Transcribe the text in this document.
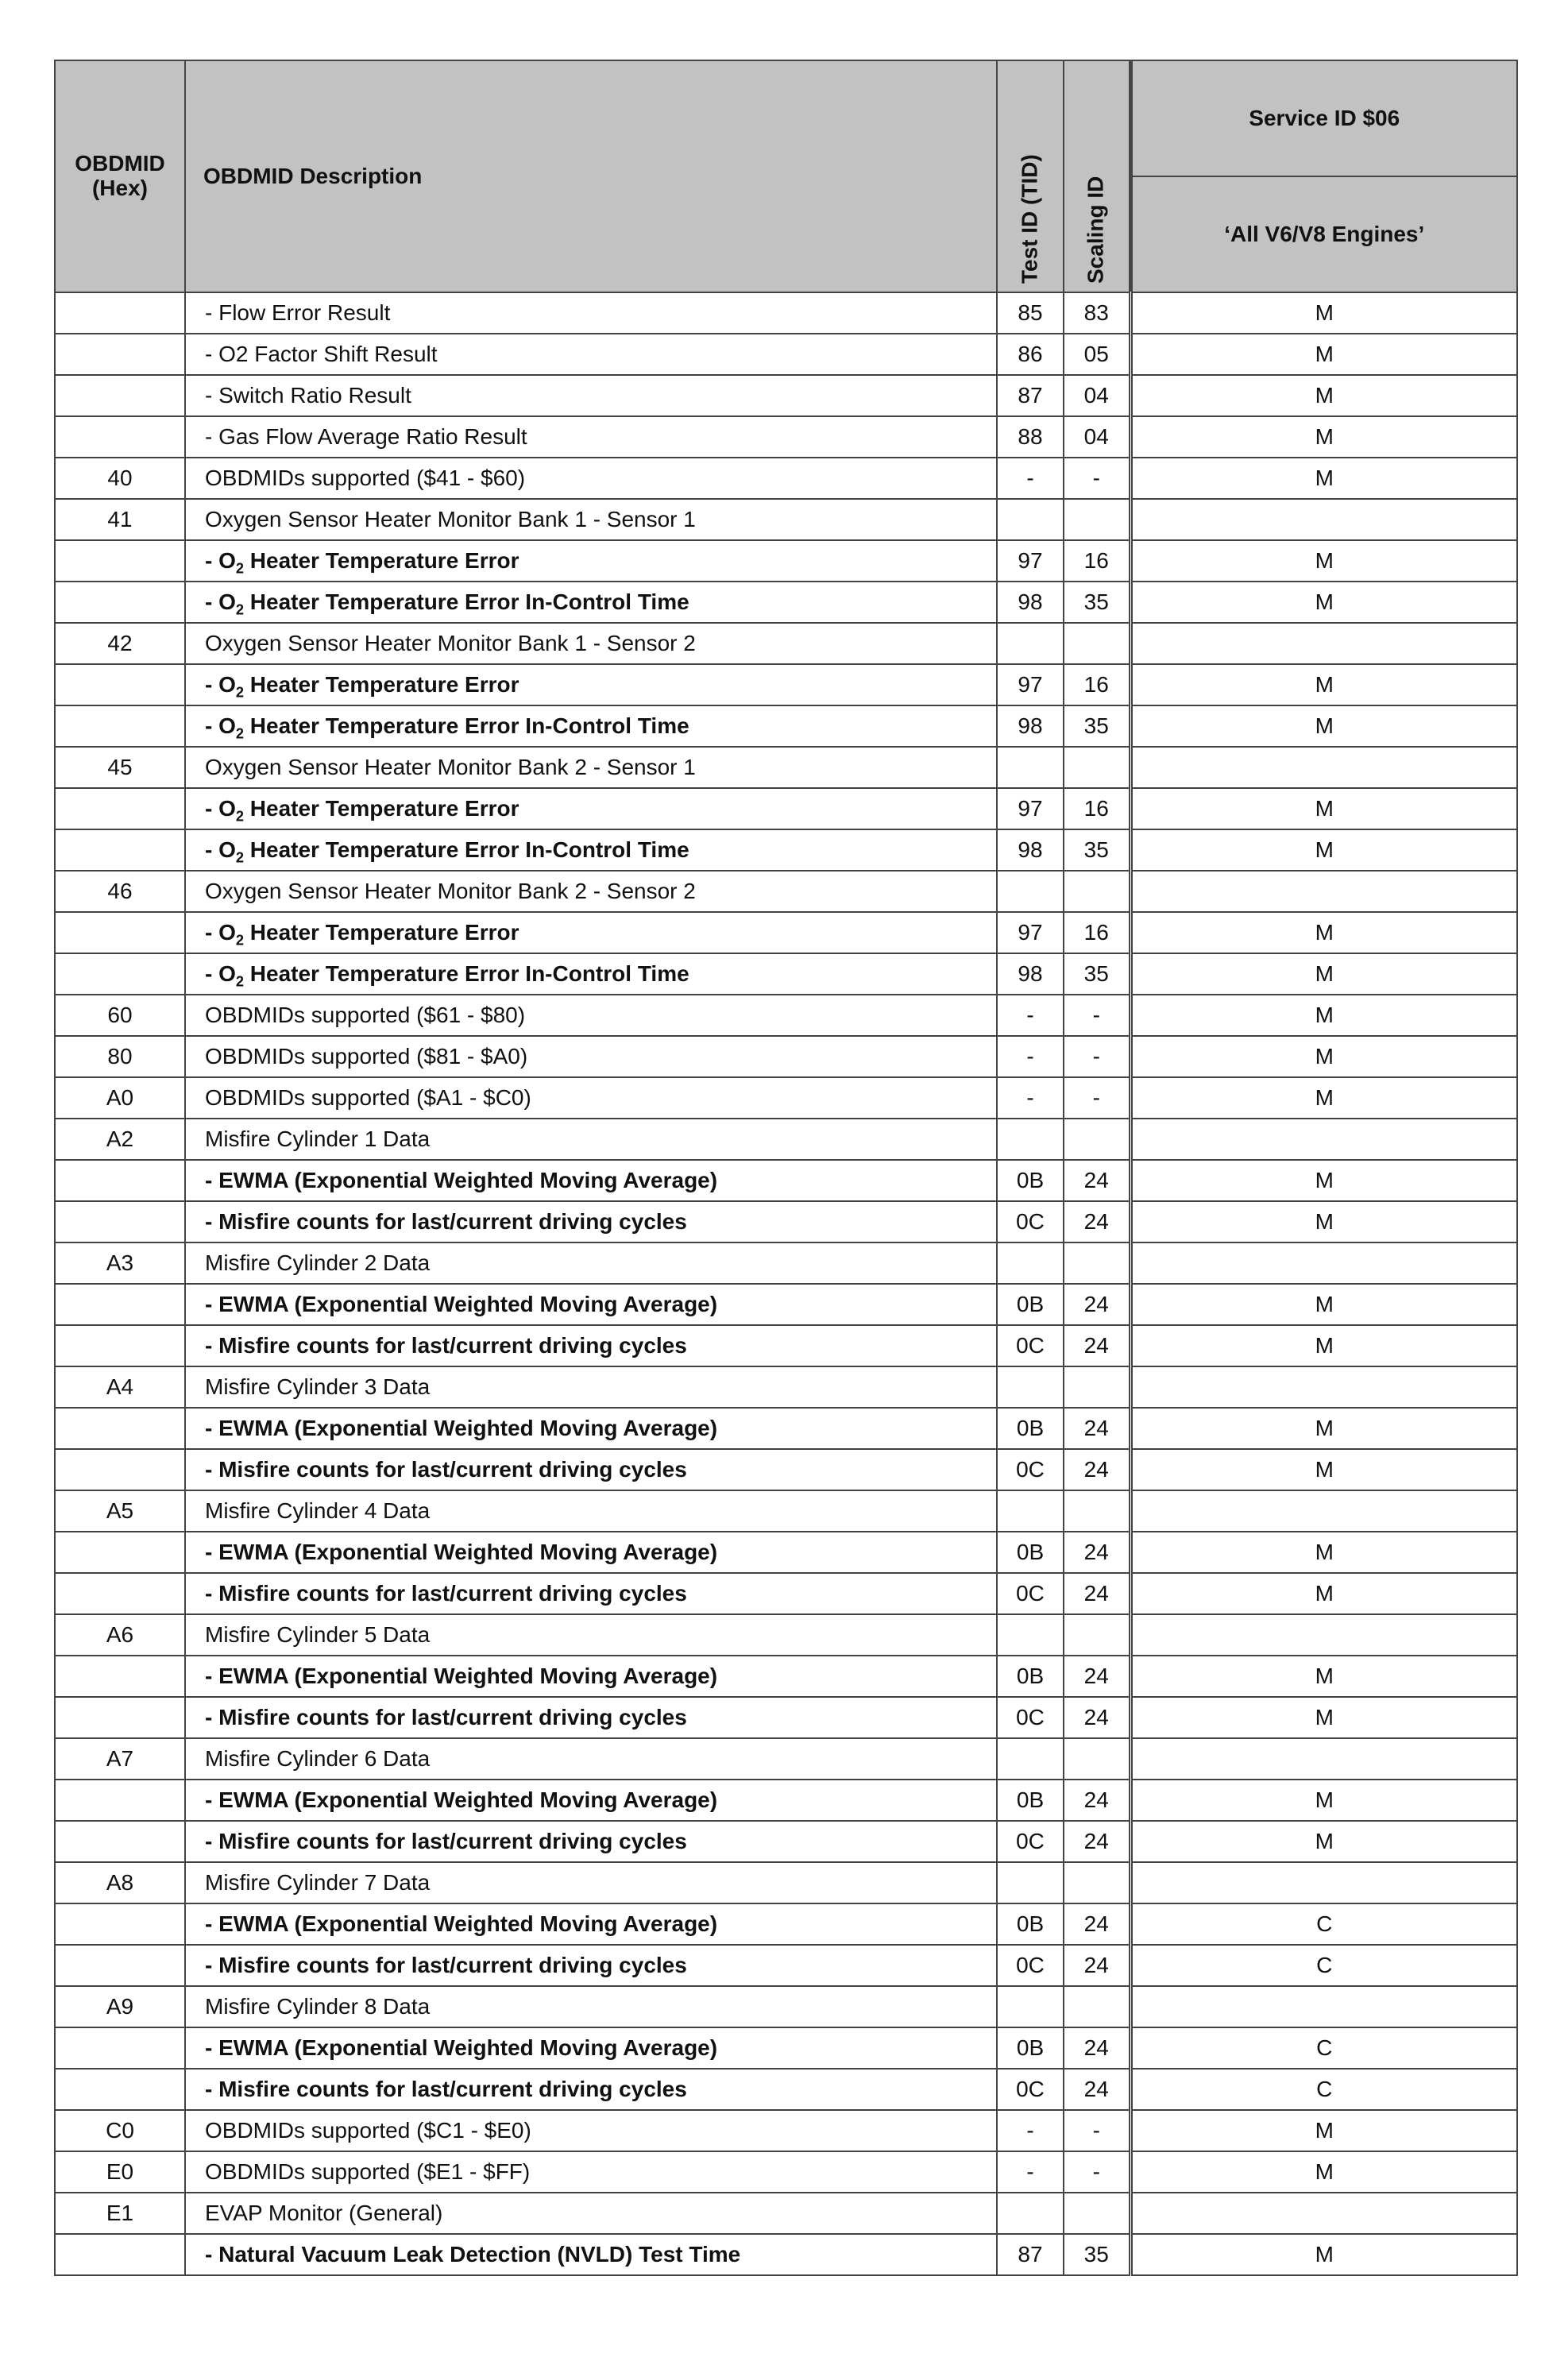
OBDMID
(Hex)	OBDMID Description	Test ID (TID)	Scaling ID	Service ID $06
				‘All V6/V8 Engines’
	- Flow Error Result	85	83	M
	- O2 Factor Shift Result	86	05	M
	- Switch Ratio Result	87	04	M
	- Gas Flow Average Ratio Result	88	04	M
40	OBDMIDs supported ($41 - $60)	-	-	M
41	Oxygen Sensor Heater Monitor Bank 1 - Sensor 1			
	- $O_2$ Heater Temperature Error	97	16	M
	- $O_2$ Heater Temperature Error In-Control Time	98	35	M
42	Oxygen Sensor Heater Monitor Bank 1 - Sensor 2			
	- $O_2$ Heater Temperature Error	97	16	M
	- $O_2$ Heater Temperature Error In-Control Time	98	35	M
45	Oxygen Sensor Heater Monitor Bank 2 - Sensor 1			
	- $O_2$ Heater Temperature Error	97	16	M
	- $O_2$ Heater Temperature Error In-Control Time	98	35	M
46	Oxygen Sensor Heater Monitor Bank 2 - Sensor 2			
	- $O_2$ Heater Temperature Error	97	16	M
	- $O_2$ Heater Temperature Error In-Control Time	98	35	M
60	OBDMIDs supported ($61 - $80)	-	-	M
80	OBDMIDs supported ($81 - $A0)	-	-	M
A0	OBDMIDs supported ($A1 - $C0)	-	-	M
A2	Misfire Cylinder 1 Data			
	- EWMA (Exponential Weighted Moving Average)	0B	24	M
	- Misfire counts for last/current driving cycles	0C	24	M
A3	Misfire Cylinder 2 Data			
	- EWMA (Exponential Weighted Moving Average)	0B	24	M
	- Misfire counts for last/current driving cycles	0C	24	M
A4	Misfire Cylinder 3 Data			
	- EWMA (Exponential Weighted Moving Average)	0B	24	M
	- Misfire counts for last/current driving cycles	0C	24	M
A5	Misfire Cylinder 4 Data			
	- EWMA (Exponential Weighted Moving Average)	0B	24	M
	- Misfire counts for last/current driving cycles	0C	24	M
A6	Misfire Cylinder 5 Data			
	- EWMA (Exponential Weighted Moving Average)	0B	24	M
	- Misfire counts for last/current driving cycles	0C	24	M
A7	Misfire Cylinder 6 Data			
	- EWMA (Exponential Weighted Moving Average)	0B	24	M
	- Misfire counts for last/current driving cycles	0C	24	M
A8	Misfire Cylinder 7 Data			
	- EWMA (Exponential Weighted Moving Average)	0B	24	C
	- Misfire counts for last/current driving cycles	0C	24	C
A9	Misfire Cylinder 8 Data			
	- EWMA (Exponential Weighted Moving Average)	0B	24	C
	- Misfire counts for last/current driving cycles	0C	24	C
C0	OBDMIDs supported ($C1 - $E0)	-	-	M
E0	OBDMIDs supported ($E1 - $FF)	-	-	M
E1	EVAP Monitor (General)			
	- Natural Vacuum Leak Detection (NVLD) Test Time	87	35	M
